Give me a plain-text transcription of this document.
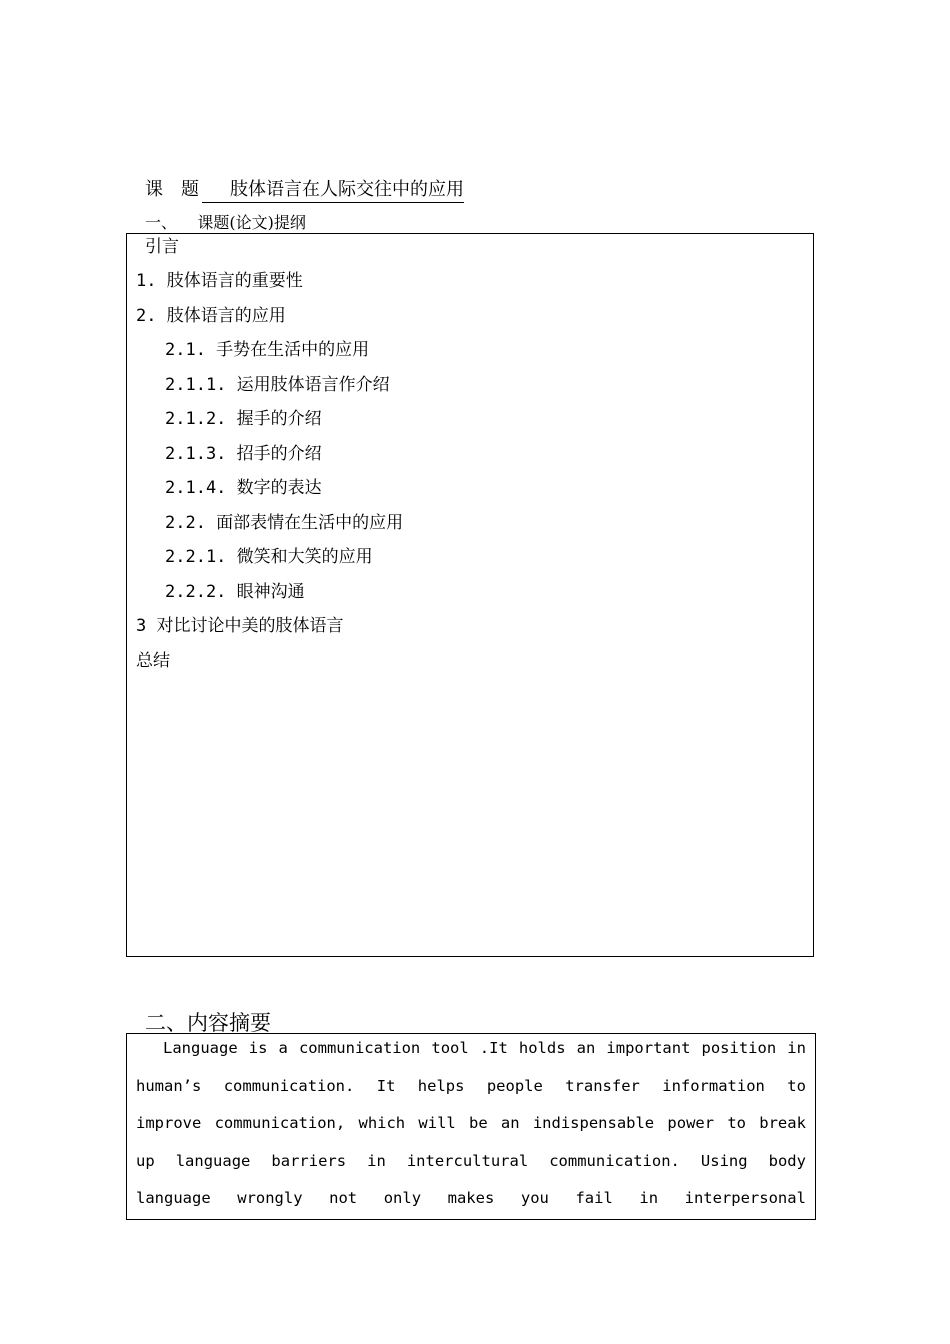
课题 肢体语言在人际交往中的应用
一、    课题(论文)提纲
引言
1. 肢体语言的重要性
2. 肢体语言的应用
2.1. 手势在生活中的应用
2.1.1. 运用肢体语言作介绍
2.1.2. 握手的介绍
2.1.3. 招手的介绍
2.1.4. 数字的表达
2.2. 面部表情在生活中的应用
2.2.1. 微笑和大笑的应用
2.2.2. 眼神沟通
3 对比讨论中美的肢体语言
总结
二、内容摘要
Language is a communication tool .It holds an important position in
human’s communication. It helps people transfer information to
improve communication, which will be an indispensable power to break
up language barriers in intercultural communication. Using body
language wrongly not only makes you fail in interpersonal
